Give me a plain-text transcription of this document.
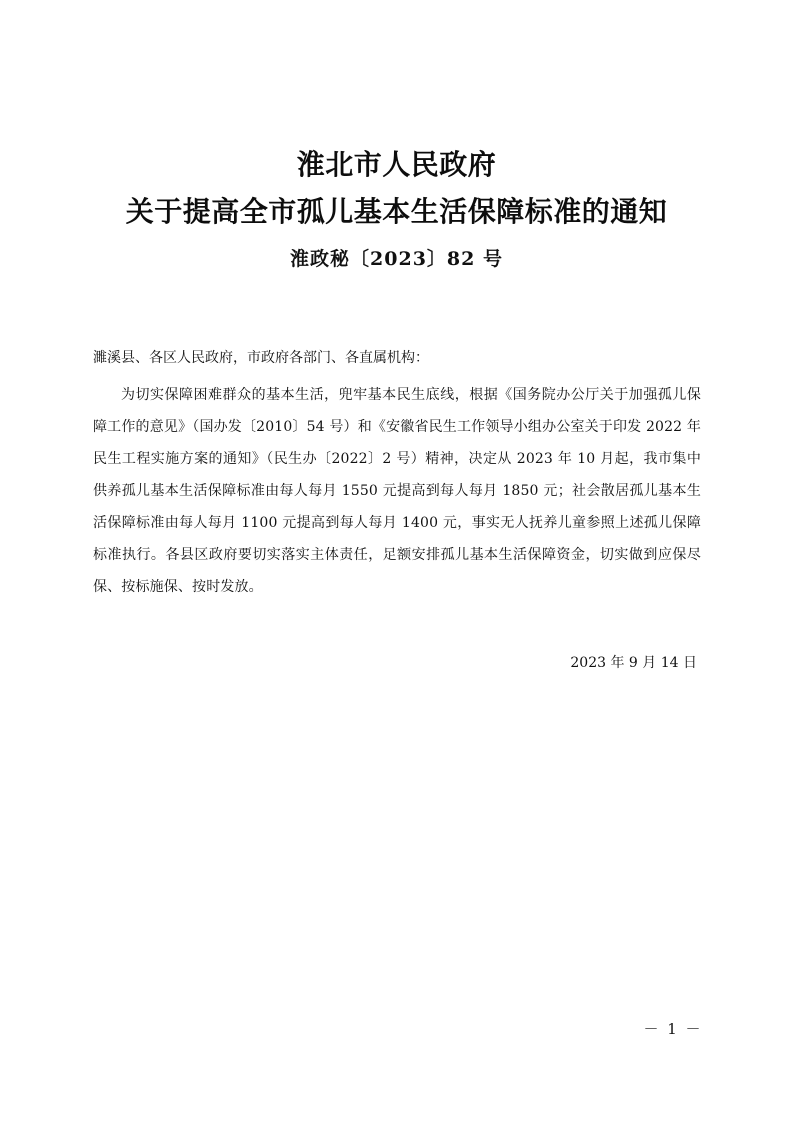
淮北市人民政府
关于提高全市孤儿基本生活保障标准的通知
淮政秘〔2023〕82 号
濉溪县、各区人民政府，市政府各部门、各直属机构：

为切实保障困难群众的基本生活，兜牢基本民生底线，根据《国务院办公厅关于加强孤儿保障工作的意见》（国办发〔2010〕54 号）和《安徽省民生工作领导小组办公室关于印发 2022 年民生工程实施方案的通知》（民生办〔2022〕2 号）精神，决定从 2023 年 10 月起，我市集中供养孤儿基本生活保障标准由每人每月 1550 元提高到每人每月 1850 元；社会散居孤儿基本生活保障标准由每人每月 1100 元提高到每人每月 1400 元，事实无人抚养儿童参照上述孤儿保障标准执行。各县区政府要切实落实主体责任，足额安排孤儿基本生活保障资金，切实做到应保尽保、按标施保、按时发放。

2023 年 9 月 14 日
－ 1 －
